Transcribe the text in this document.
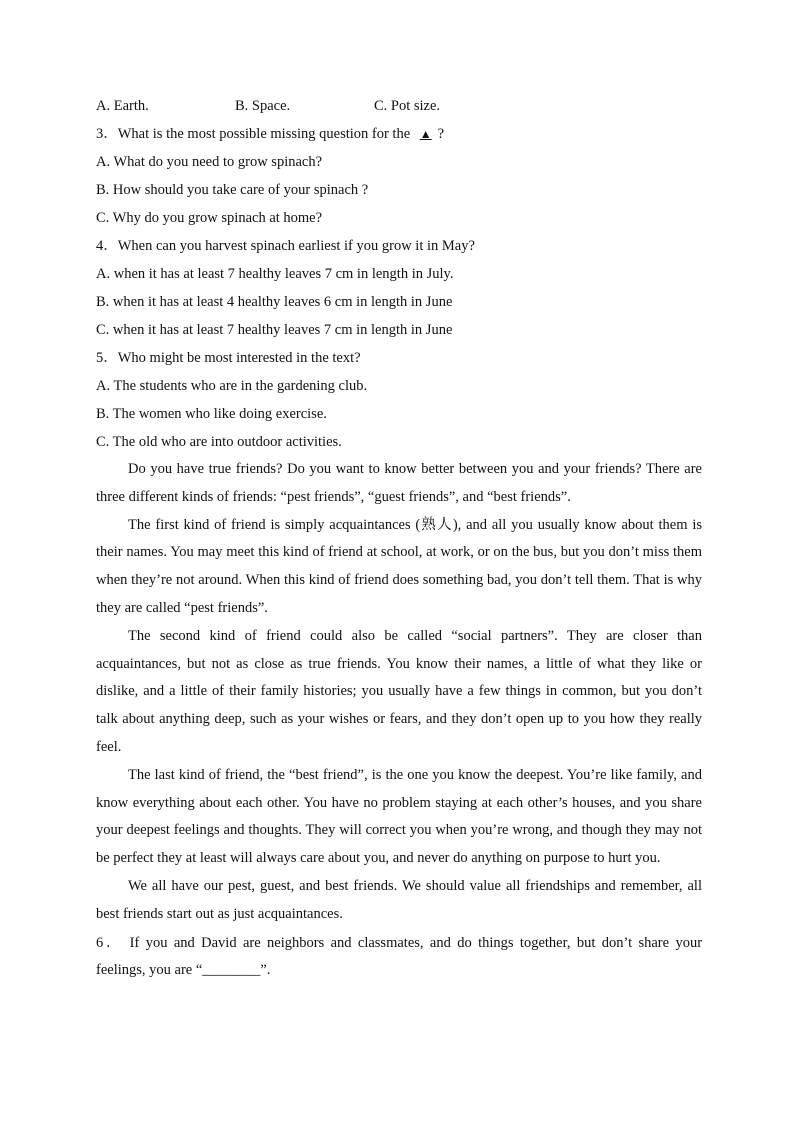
A. Earth.	B. Space.	C. Pot size.
3．What is the most possible missing question for the ▲ ?
A. What do you need to grow spinach?
B. How should you take care of your spinach ?
C. Why do you grow spinach at home?
4．When can you harvest spinach earliest if you grow it in May?
A. when it has at least 7 healthy leaves 7 cm in length in July.
B. when it has at least 4 healthy leaves 6 cm in length in June
C. when it has at least 7 healthy leaves 7 cm in length in June
5．Who might be most interested in the text?
A. The students who are in the gardening club.
B. The women who like doing exercise.
C. The old who are into outdoor activities.

Do you have true friends? Do you want to know better between you and your friends? There are three different kinds of friends: “pest friends”, “guest friends”, and “best friends”.

The first kind of friend is simply acquaintances (熟人), and all you usually know about them is their names. You may meet this kind of friend at school, at work, or on the bus, but you don’t miss them when they’re not around. When this kind of friend does something bad, you don’t tell them. That is why they are called “pest friends”.

The second kind of friend could also be called “social partners”. They are closer than acquaintances, but not as close as true friends. You know their names, a little of what they like or dislike, and a little of their family histories; you usually have a few things in common, but you don’t talk about anything deep, such as your wishes or fears, and they don’t open up to you how they really feel.

The last kind of friend, the “best friend”, is the one you know the deepest. You’re like family, and know everything about each other. You have no problem staying at each other’s houses, and you share your deepest feelings and thoughts. They will correct you when you’re wrong, and though they may not be perfect they at least will always care about you, and never do anything on purpose to hurt you.

We all have our pest, guest, and best friends. We should value all friendships and remember, all best friends start out as just acquaintances.

6． If you and David are neighbors and classmates, and do things together, but don’t share your feelings, you are “________”.
